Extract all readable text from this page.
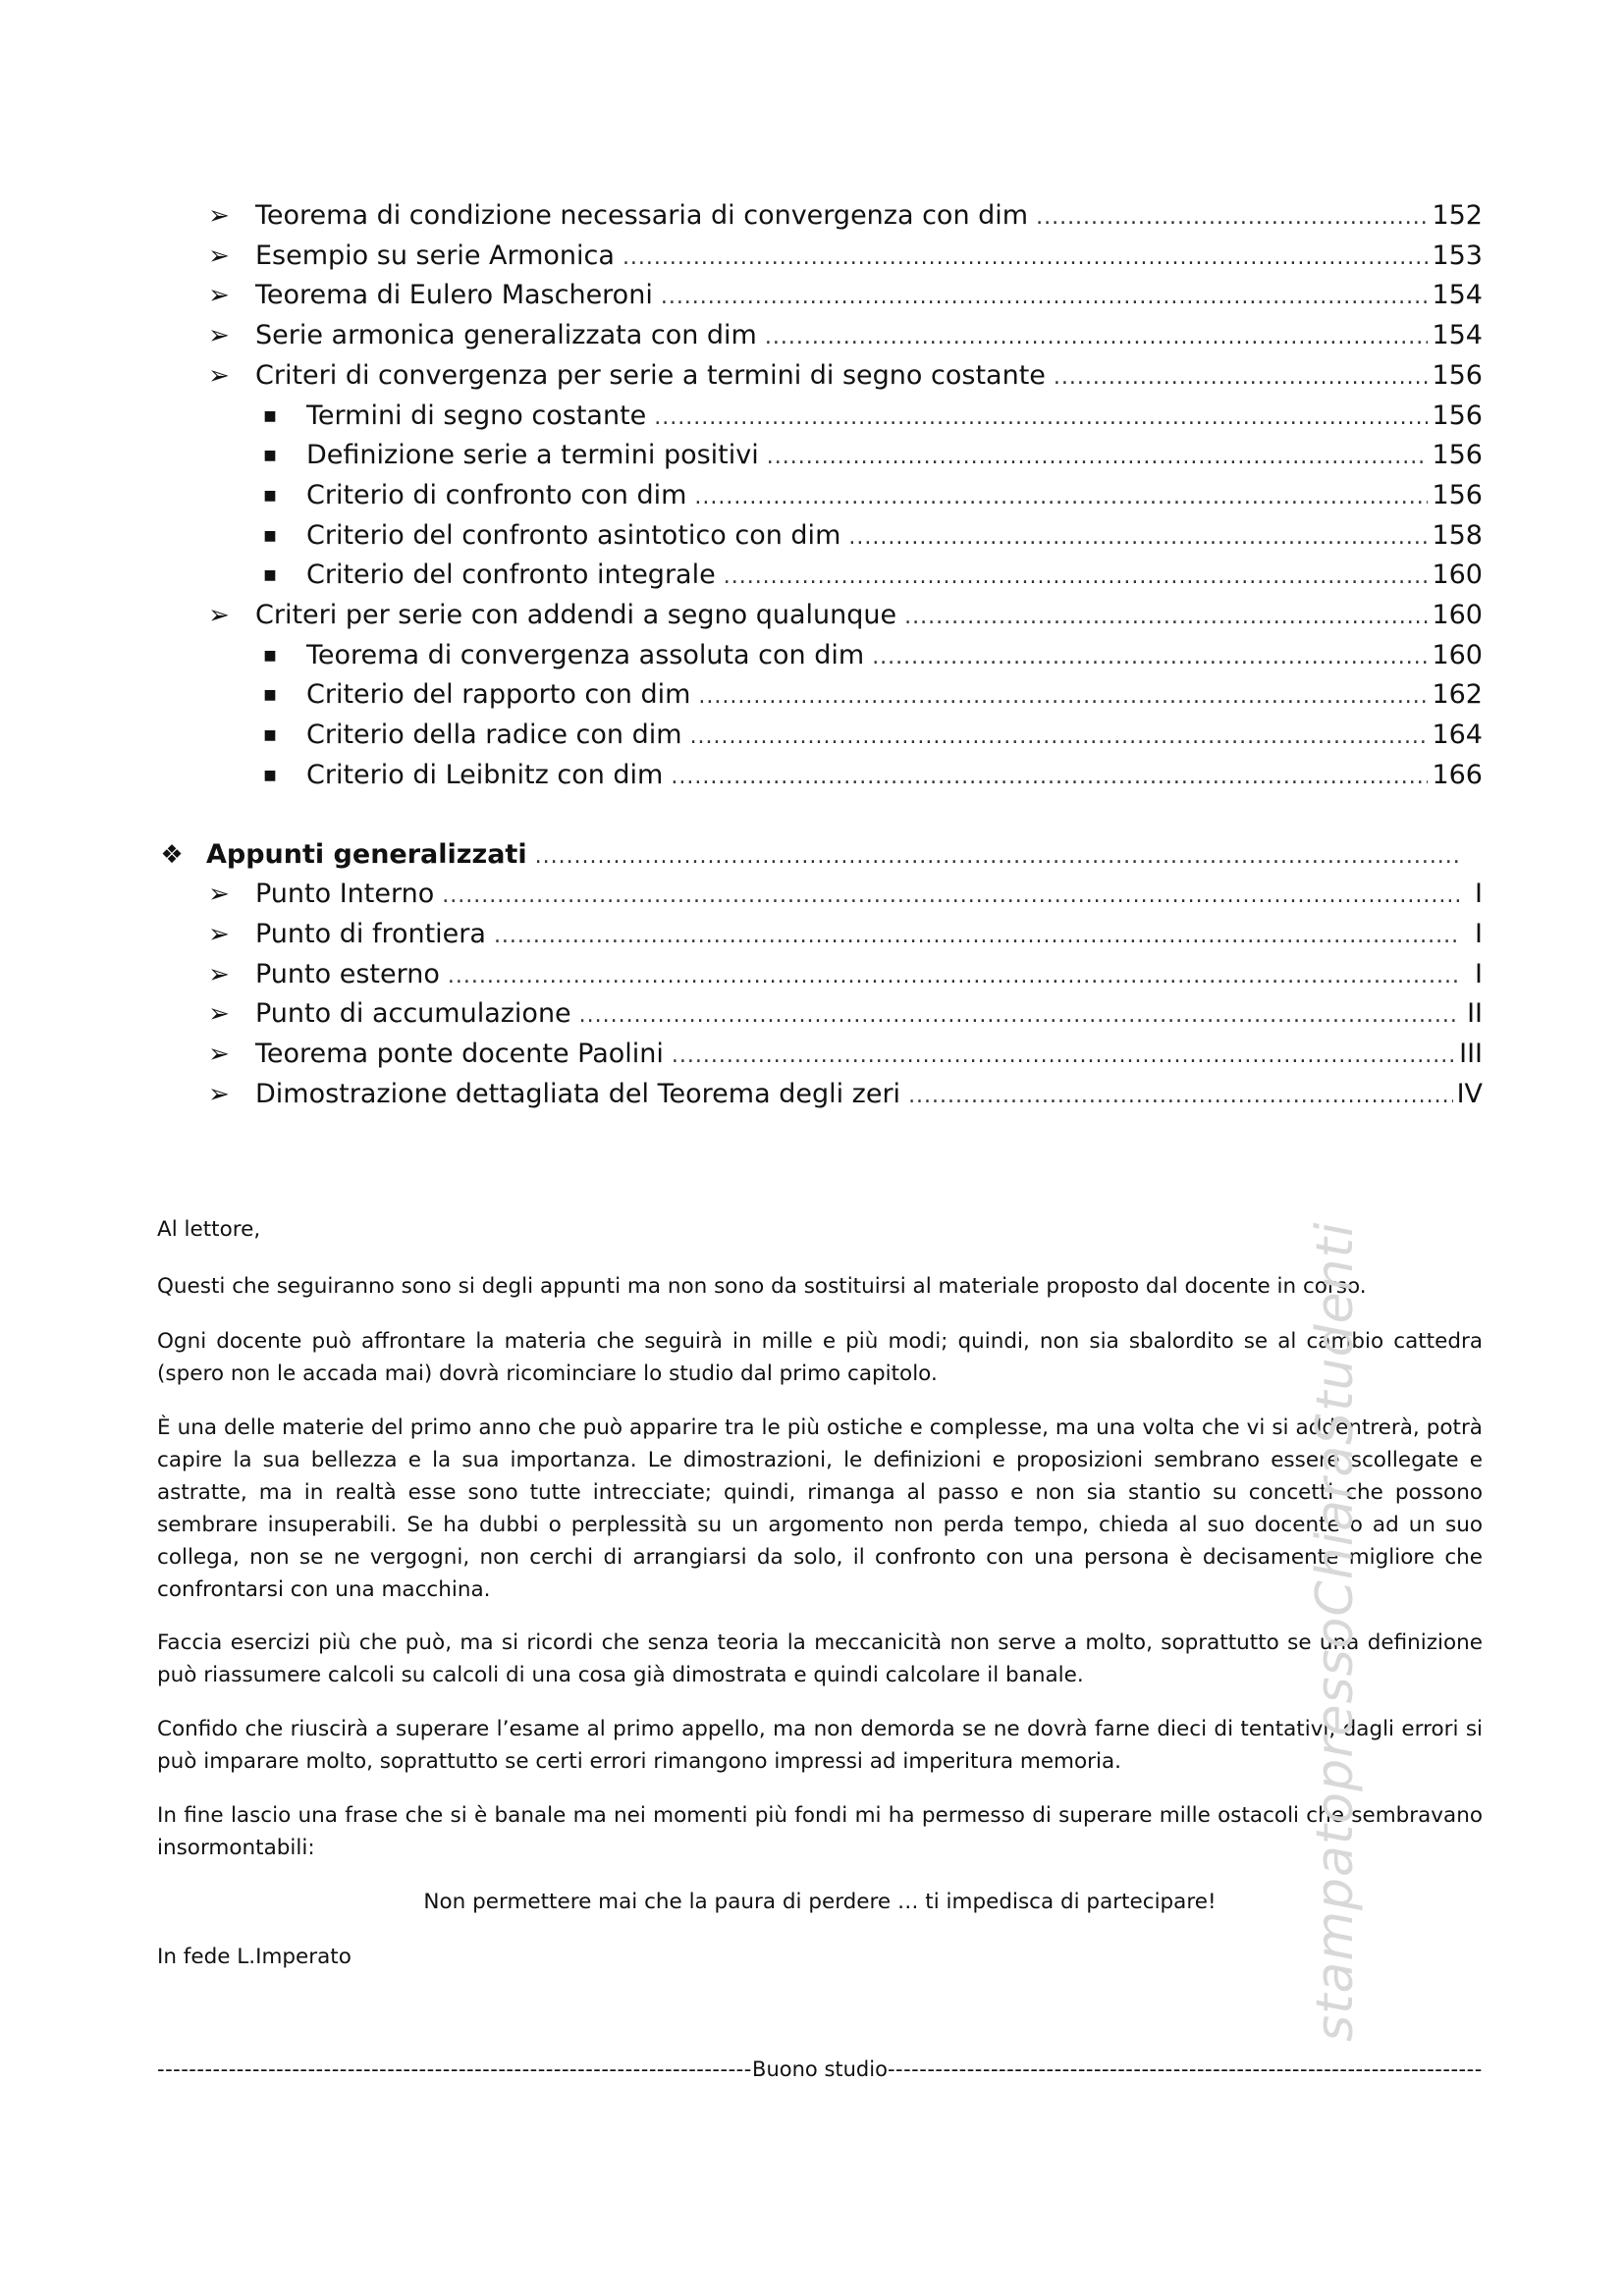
➢ Teorema di condizione necessaria di convergenza con dim .....	152
➢ Esempio su serie Armonica .....	153
➢ Teorema di Eulero Mascheroni .....	154
➢ Serie armonica generalizzata con dim .....	154
➢ Criteri di convergenza per serie a termini di segno costante .....	156
■	Termini di segno costante .....	156
■	Definizione serie a termini positivi .....	156
■	Criterio di confronto con dim .....	156
■	Criterio del confronto asintotico con dim .....	158
■	Criterio del confronto integrale .....	160
➢ Criteri per serie con addendi a segno qualunque .....	160
■	Teorema di convergenza assoluta con dim .....	160
■	Criterio del rapporto con dim .....	162
■	Criterio della radice con dim .....	164
■	Criterio di Leibnitz con dim .....	166
❖ Appunti generalizzati
.....
➢ Punto Interno .....	I
➢ Punto di frontiera .....	I
➢ Punto esterno .....	I
➢ Punto di accumulazione .....	II
➢ Teorema ponte docente Paolini .....	III
➢ Dimostrazione dettagliata del Teorema degli zeri .....	IV

Al lettore,

Questi che seguiranno sono si degli appunti ma non sono da sostituirsi al materiale proposto dal docente in corso.

Ogni docente può affrontare la materia che seguirà in mille e più modi; quindi, non sia sbalordito se al cambio cattedra (spero non le accada mai) dovrà ricominciare lo studio dal primo capitolo.

È una delle materie del primo anno che può apparire tra le più ostiche e complesse, ma una volta che vi si addentrerà, potrà capire la sua bellezza e la sua importanza. Le dimostrazioni, le definizioni e proposizioni sembrano essere scollegate e astratte, ma in realtà esse sono tutte intrecciate; quindi, rimanga al passo e non sia stantio su concetti che possono sembrare insuperabili. Se ha dubbi o perplessità su un argomento non perda tempo, chieda al suo docente o ad un suo collega, non se ne vergogni, non cerchi di arrangiarsi da solo, il confronto con una persona è decisamente migliore che confrontarsi con una macchina.

Faccia esercizi più che può, ma si ricordi che senza teoria la meccanicità non serve a molto, soprattutto se una definizione può riassumere calcoli su calcoli di una cosa già dimostrata e quindi calcolare il banale.

Confido che riuscirà a superare l’esame al primo appello, ma non demorda se ne dovrà farne dieci di tentativi, dagli errori si può imparare molto, soprattutto se certi errori rimangono impressi ad imperitura memoria.

In fine lascio una frase che si è banale ma nei momenti più fondi mi ha permesso di superare mille ostacoli che sembravano insormontabili:

Non permettere mai che la paura di perdere … ti impedisca di partecipare!

In fede L.Imperato

-----
Buono studio
-----
stampatopressoChiaraStudenti
